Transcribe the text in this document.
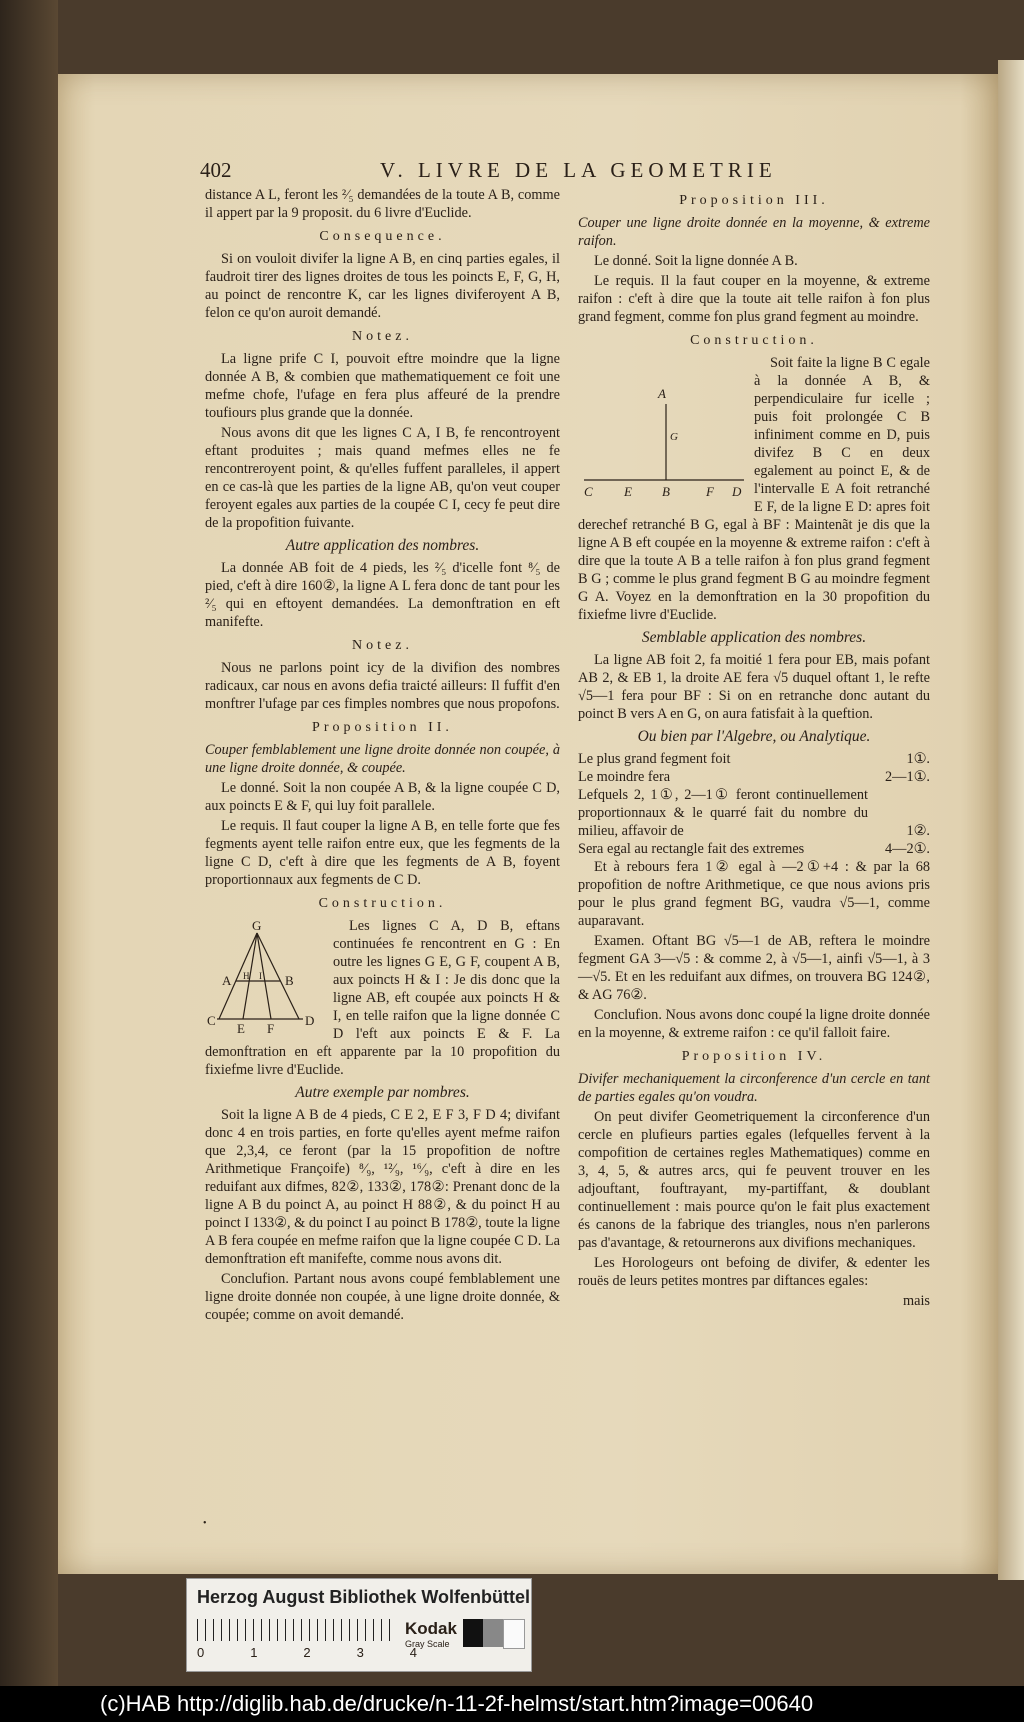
402	V. LIVRE DE LA GEOMETRIE

distance A L, feront les ²⁄₅ demandées de la toute A B, comme il appert par la 9 proposit. du 6 livre d'Euclide.

Consequence.

Si on vouloit divifer la ligne A B, en cinq parties egales, il faudroit tirer des lignes droites de tous les poincts E, F, G, H, au poinct de rencontre K, car les lignes diviferoyent A B, felon ce qu'on auroit demandé.

Notez.

La ligne prife C I, pouvoit eftre moindre que la ligne donnée A B, & combien que mathematiquement ce foit une mefme chofe, l'ufage en fera plus affeuré de la prendre toufiours plus grande que la donnée.

Nous avons dit que les lignes C A, I B, fe rencontroyent eftant produites ; mais quand mefmes elles ne fe rencontreroyent point, & qu'elles fuffent paralleles, il appert en ce cas-là que les parties de la ligne AB, qu'on veut couper feroyent egales aux parties de la coupée C I, cecy fe peut dire de la propofition fuivante.

Autre application des nombres.

La donnée AB foit de 4 pieds, les ²⁄₅ d'icelle font ⁸⁄₅ de pied, c'eft à dire 160②, la ligne A L fera donc de tant pour les ²⁄₅ qui en eftoyent demandées. La demonftration en eft manifefte.

Notez.

Nous ne parlons point icy de la divifion des nombres radicaux, car nous en avons defia traicté ailleurs: Il fuffit d'en monftrer l'ufage par ces fimples nombres que nous propofons.

Proposition II.

Couper femblablement une ligne droite donnée non coupée, à une ligne droite donnée, & coupée.

Le donné. Soit la non coupée A B, & la ligne coupée C D, aux poincts E & F, qui luy foit parallele.

Le requis. Il faut couper la ligne A B, en telle forte que fes fegments ayent telle raifon entre eux, que les fegments de la ligne C D, c'eft à dire que les fegments de A B, foyent proportionnaux aux fegments de C D.

Construction.

G
A	B
H I
C
E F
D

Les lignes C A, D B, eftans continuées fe rencontrent en G : En outre les lignes G E, G F, coupent A B, aux poincts H & I : Je dis donc que la ligne AB, eft coupée aux poincts H & I, en telle raifon que la ligne donnée C D l'eft aux poincts E & F. La demonftration en eft apparente par la 10 propofition du fixiefme livre d'Euclide.

Autre exemple par nombres.

Soit la ligne A B de 4 pieds, C E 2, E F 3, F D 4; divifant donc 4 en trois parties, en forte qu'elles ayent mefme raifon que 2,3,4, ce feront (par la 15 propofition de noftre Arithmetique Françoife) ⁸⁄₉, ¹²⁄₉, ¹⁶⁄₉, c'eft à dire en les reduifant aux difmes, 82②, 133②, 178②: Prenant donc de la ligne A B du poinct A, au poinct H 88②, & du poinct H au poinct I 133②, & du poinct I au poinct B 178②, toute la ligne A B fera coupée en mefme raifon que la ligne coupée C D. La demonftration eft manifefte, comme nous avons dit.

Conclufion. Partant nous avons coupé femblablement une ligne droite donnée non coupée, à une ligne droite donnée, & coupée; comme on avoit demandé.

Proposition III.

Couper une ligne droite donnée en la moyenne, & extreme raifon.

Le donné. Soit la ligne donnée A B.

Le requis. Il la faut couper en la moyenne, & extreme raifon : c'eft à dire que la toute ait telle raifon à fon plus grand fegment, comme fon plus grand fegment au moindre.

Construction.

A
G
C E B	F D

Soit faite la ligne B C egale à la donnée A B, & perpendiculaire fur icelle ; puis foit prolongée C B infiniment comme en D, puis divifez B C en deux egalement au poinct E, & de l'intervalle E A foit retranché E F, de la ligne E D: apres foit derechef retranché B G, egal à BF : Maintenãt je dis que la ligne A B eft coupée en la moyenne & extreme raifon : c'eft à dire que la toute A B a telle raifon à fon plus grand fegment B G ; comme le plus grand fegment B G au moindre fegment G A. Voyez en la demonftration en la 30 propofition du fixiefme livre d'Euclide.

Semblable application des nombres.

La ligne AB foit 2, fa moitié 1 fera pour EB, mais pofant AB 2, & EB 1, la droite AE fera √5 duquel oftant 1, le refte √5—1 fera pour BF : Si on en retranche donc autant du poinct B vers A en G, on aura fatisfait à la queftion.

Ou bien par l'Algebre, ou Analytique.

Le plus grand fegment foit	1①.
Le moindre fera	2—1①.
Lefquels 2, 1①, 2—1① feront continuellement proportionnaux & le quarré fait du nombre du milieu, affavoir de	1②.
Sera egal au rectangle fait des extremes	4—2①.

Et à rebours fera 1② egal à —2①+4 : & par la 68 propofition de noftre Arithmetique, ce que nous avions pris pour le plus grand fegment BG, vaudra √5—1, comme auparavant.

Examen. Oftant BG √5—1 de AB, reftera le moindre fegment GA 3—√5 : & comme 2, à √5—1, ainfi √5—1, à 3—√5. Et en les reduifant aux difmes, on trouvera BG 124②, & AG 76②.

Conclufion. Nous avons donc coupé la ligne droite donnée en la moyenne, & extreme raifon : ce qu'il falloit faire.

Proposition IV.

Divifer mechaniquement la circonference d'un cercle en tant de parties egales qu'on voudra.

On peut divifer Geometriquement la circonference d'un cercle en plufieurs parties egales (lefquelles fervent à la compofition de certaines regles Mathematiques) comme en 3, 4, 5, & autres arcs, qui fe peuvent trouver en les adjouftant, fouftrayant, my-partiffant, & doublant continuellement : mais pource qu'on le fait plus exactement és canons de la fabrique des triangles, nous n'en parlerons pas d'avantage, & retournerons aux divifions mechaniques.

Les Horologeurs ont befoing de divifer, & edenter les rouës de leurs petites montres par diftances egales:

mais

•
Herzog August Bibliothek Wolfenbüttel
0	1	2	3	4
Kodak
Gray Scale
(c)HAB http://diglib.hab.de/drucke/n-11-2f-helmst/start.htm?image=00640
